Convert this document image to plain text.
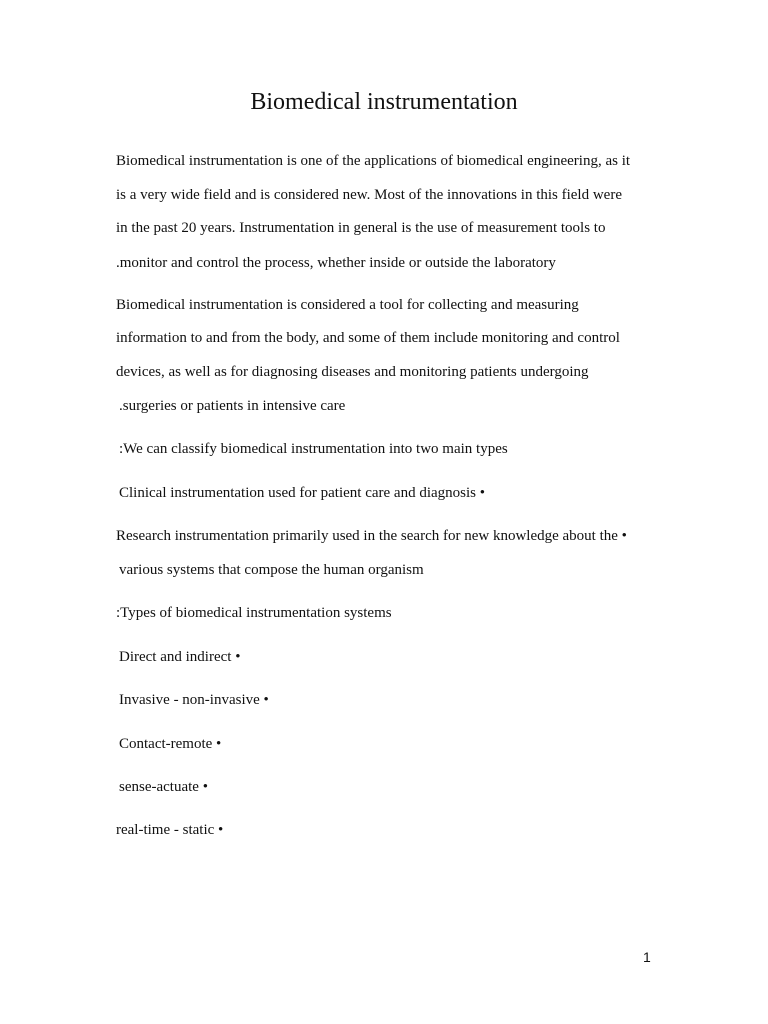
Biomedical instrumentation
Biomedical instrumentation is one of the applications of biomedical engineering, as it
is a very wide field and is considered new. Most of the innovations in this field were
in the past 20 years. Instrumentation in general is the use of measurement tools to
.monitor and control the process, whether inside or outside the laboratory
Biomedical instrumentation is considered a tool for collecting and measuring
information to and from the body, and some of them include monitoring and control
devices, as well as for diagnosing diseases and monitoring patients undergoing
.surgeries or patients in intensive care
:We can classify biomedical instrumentation into two main types
Clinical instrumentation used for patient care and diagnosis •
Research instrumentation primarily used in the search for new knowledge about the •
various systems that compose the human organism
:Types of biomedical instrumentation systems
Direct and indirect •
Invasive - non-invasive •
Contact-remote •
sense-actuate •
real-time - static •
1
